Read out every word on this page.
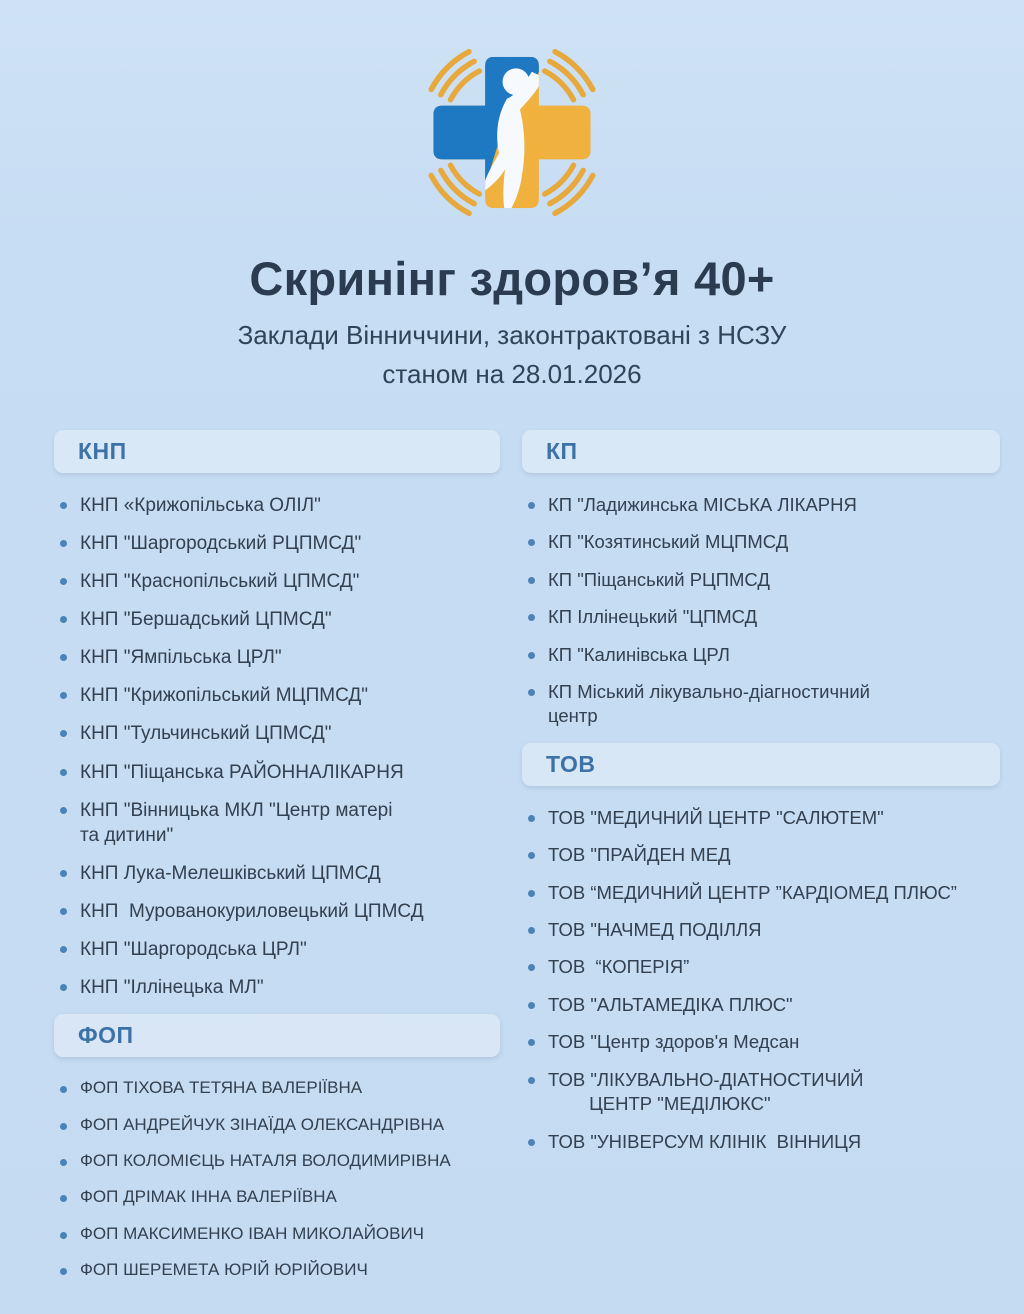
Скринінг здоров’я 40+

Заклади Вінниччини, законтрактовані з НСЗУ
станом на 28.01.2026

КНП
КНП «Крижопільська ОЛІЛ"
КНП "Шаргородський РЦПМСД"
КНП "Краснопільський ЦПМСД"
КНП "Бершадський ЦПМСД"
КНП "Ямпільська ЦРЛ"
КНП "Крижопільський МЦПМСД"
КНП "Тульчинський ЦПМСД"
КНП "Піщанська РАЙОННАЛІКАРНЯ
КНП "Вінницька МКЛ "Центр матері
та дитини"
КНП Лука-Мелешківський ЦПМСД
КНП  Мурованокуриловецький ЦПМСД
КНП "Шаргородська ЦРЛ"
КНП "Іллінецька МЛ"
ФОП
ФОП ТІХОВА ТЕТЯНА ВАЛЕРІЇВНА
ФОП АНДРЕЙЧУК ЗІНАЇДА ОЛЕКСАНДРІВНА
ФОП КОЛОМІЄЦЬ НАТАЛЯ ВОЛОДИМИРІВНА
ФОП ДРІМАК ІННА ВАЛЕРІЇВНА
ФОП МАКСИМЕНКО ІВАН МИКОЛАЙОВИЧ
ФОП ШЕРЕМЕТА ЮРІЙ ЮРІЙОВИЧ
КП
КП "Ладижинська МІСЬКА ЛІКАРНЯ
КП "Козятинський МЦПМСД
КП "Піщанський РЦПМСД
КП Іллінецький "ЦПМСД
КП "Калинівська ЦРЛ
КП Міський лікувально-діагностичний
центр
ТОВ
ТОВ "МЕДИЧНИЙ ЦЕНТР "САЛЮТЕМ"
ТОВ "ПРАЙДЕН МЕД
ТОВ “МЕДИЧНИЙ ЦЕНТР ”КАРДІОМЕД ПЛЮС”
ТОВ "НАЧМЕД ПОДІЛЛЯ
ТОВ  “КОПЕРІЯ”
ТОВ "АЛЬТАМЕДІКА ПЛЮС"
ТОВ "Центр здоров'я Медсан
ТОВ "ЛІКУВАЛЬНО-ДІАТНОСТИЧИЙ
ЦЕНТР "МЕДІЛЮКС"
ТОВ "УНІВЕРСУМ КЛІНІК  ВІННИЦЯ
